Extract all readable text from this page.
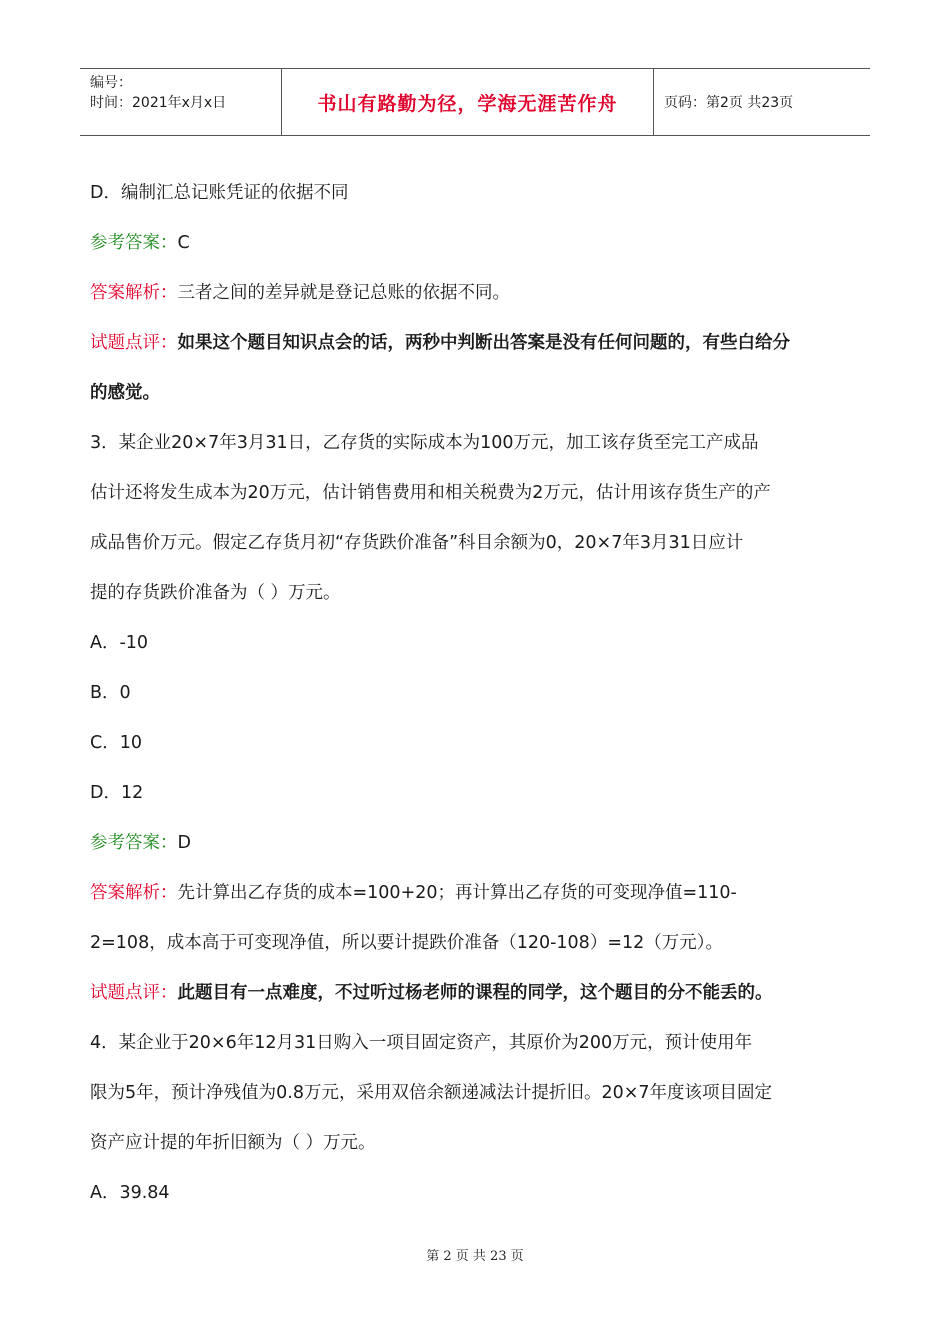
编号：
时间：2021年x月x日	书山有路勤为径，学海无涯苦作舟	页码：第2页 共23页
D．编制汇总记账凭证的依据不同
参考答案：C
答案解析：三者之间的差异就是登记总账的依据不同。
试题点评：如果这个题目知识点会的话，两秒中判断出答案是没有任何问题的，有些白给分
的感觉。
3．某企业20×7年3月31日，乙存货的实际成本为100万元，加工该存货至完工产成品
估计还将发生成本为20万元，估计销售费用和相关税费为2万元，估计用该存货生产的产
成品售价万元。假定乙存货月初“存货跌价准备”科目余额为0，20×7年3月31日应计
提的存货跌价准备为（ ）万元。
A．-10
B．0
C．10
D．12
参考答案：D
答案解析：先计算出乙存货的成本=100+20；再计算出乙存货的可变现净值=110-
2=108，成本高于可变现净值，所以要计提跌价准备（120-108）=12（万元）。
试题点评：此题目有一点难度，不过听过杨老师的课程的同学，这个题目的分不能丢的。
4．某企业于20×6年12月31日购入一项目固定资产，其原价为200万元，预计使用年
限为5年，预计净残值为0.8万元，采用双倍余额递减法计提折旧。20×7年度该项目固定
资产应计提的年折旧额为（ ）万元。
A．39.84
第 2 页 共 23 页
